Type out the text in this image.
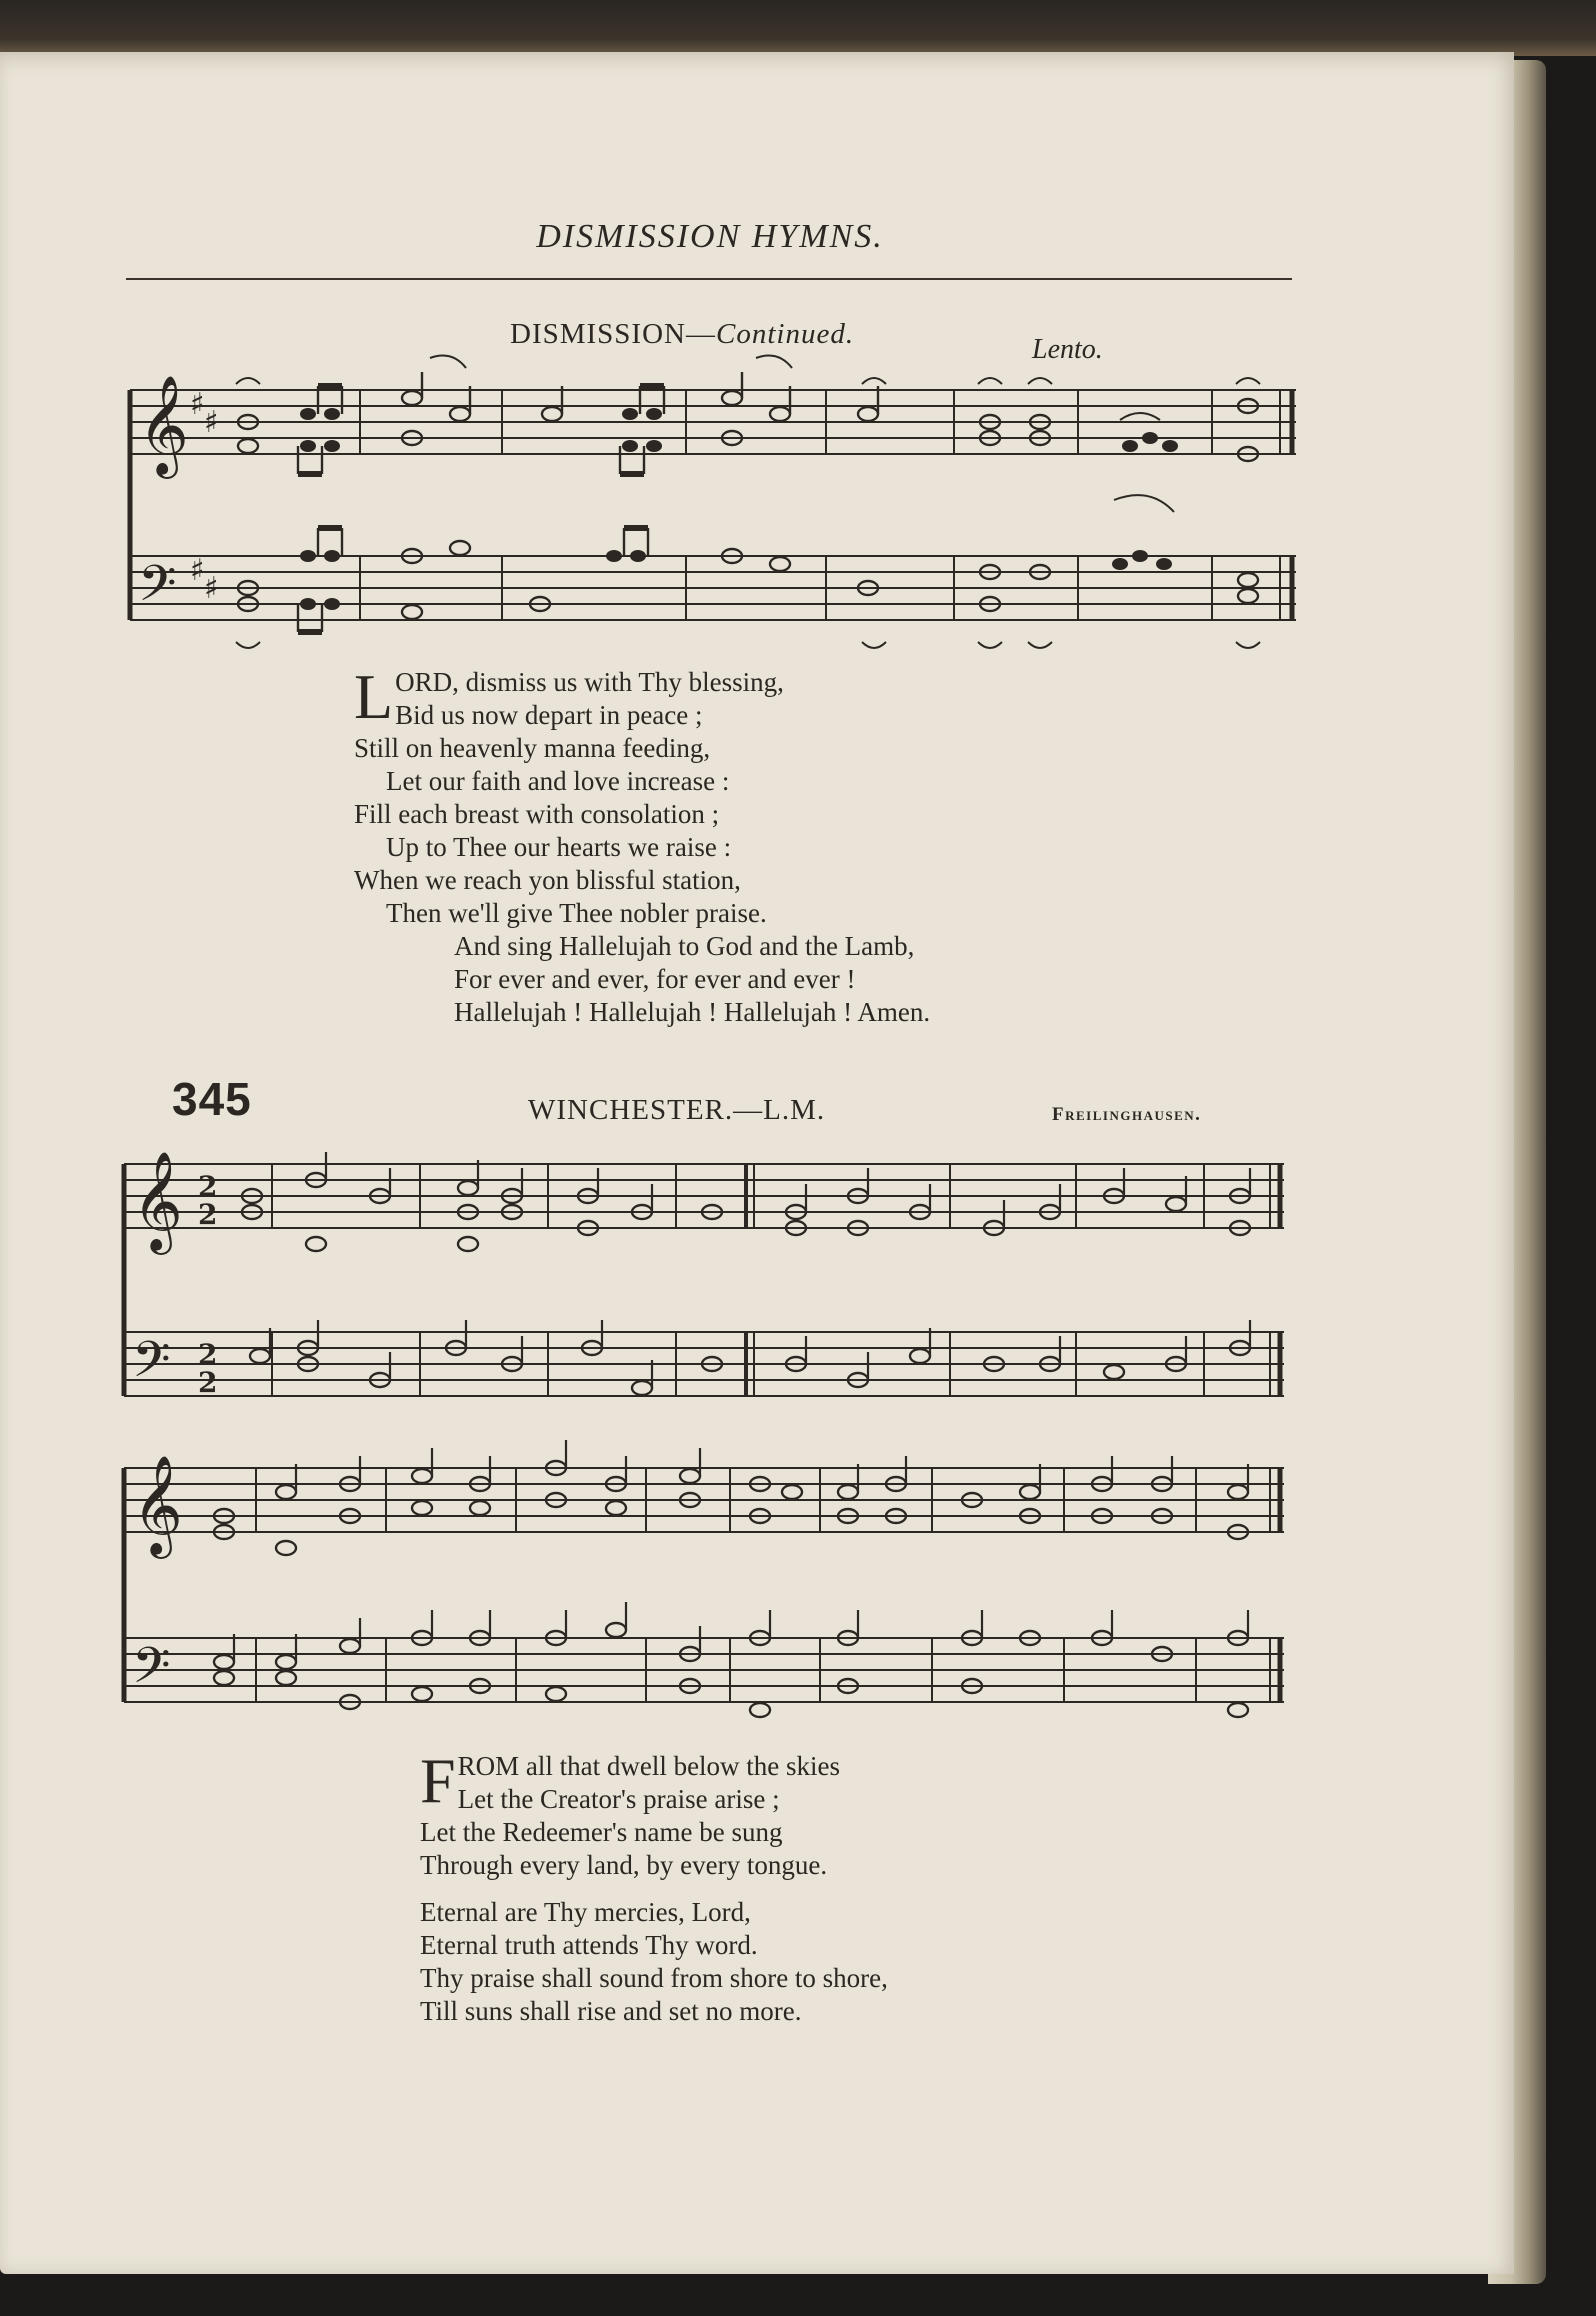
DISMISSION HYMNS.
DISMISSION—Continued.	Lento.
𝄞
𝄢
♯
♯
♯
♯
L ORD, dismiss us with Thy blessing,
Bid us now depart in peace ;
Still on heavenly manna feeding,
Let our faith and love increase :
Fill each breast with consolation ;
Up to Thee our hearts we raise :
When we reach yon blissful station,
Then we'll give Thee nobler praise.
And sing Hallelujah to God and the Lamb,
For ever and ever, for ever and ever !
Hallelujah ! Hallelujah ! Hallelujah ! Amen.
345	WINCHESTER.—L.M.	Freilinghausen.
𝄞
𝄢
2
2
2
2
𝄞
𝄢
F ROM all that dwell below the skies
Let the Creator's praise arise ;
Let the Redeemer's name be sung
Through every land, by every tongue.
Eternal are Thy mercies, Lord,
Eternal truth attends Thy word.
Thy praise shall sound from shore to shore,
Till suns shall rise and set no more.
